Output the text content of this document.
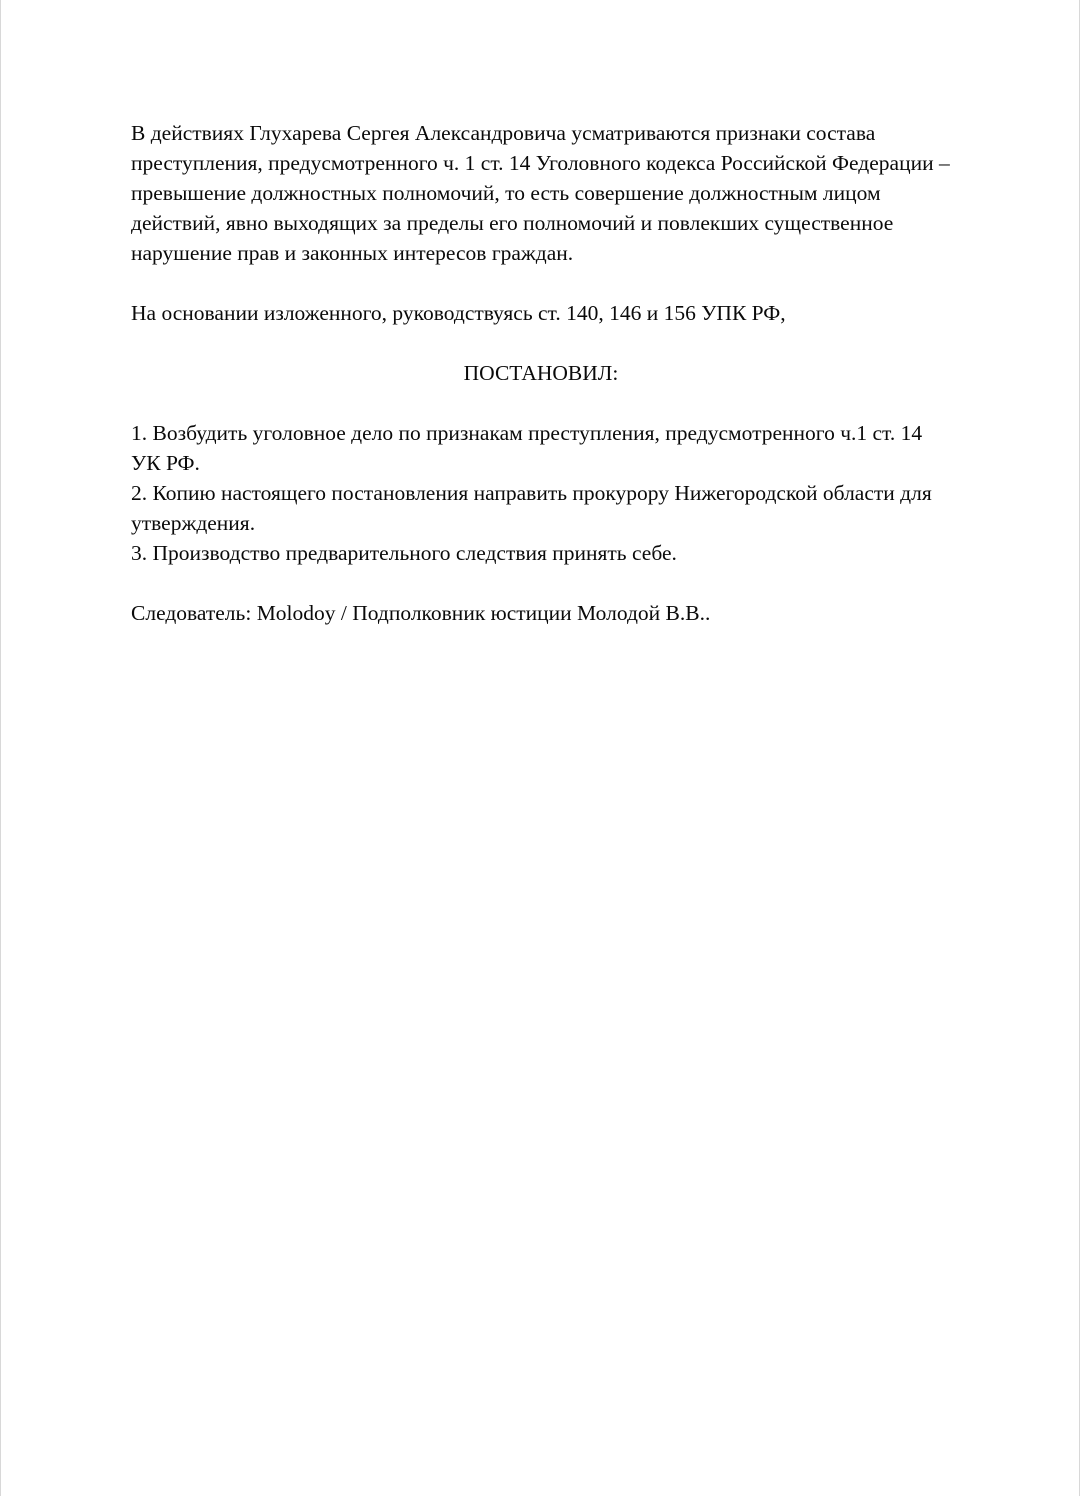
В действиях Глухарева Сергея Александровича усматриваются признаки состава преступления, предусмотренного ч. 1 ст. 14 Уголовного кодекса Российской Федерации – превышение должностных полномочий, то есть совершение должностным лицом действий, явно выходящих за пределы его полномочий и повлекших существенное нарушение прав и законных интересов граждан.

На основании изложенного, руководствуясь ст. 140, 146 и 156 УПК РФ,

ПОСТАНОВИЛ:

1. Возбудить уголовное дело по признакам преступления, предусмотренного ч.1 ст. 14 УК РФ.

2. Копию настоящего постановления направить прокурору Нижегородской области для утверждения.

3. Производство предварительного следствия принять себе.

Следователь: Molodoy / Подполковник юстиции Молодой В.В..
